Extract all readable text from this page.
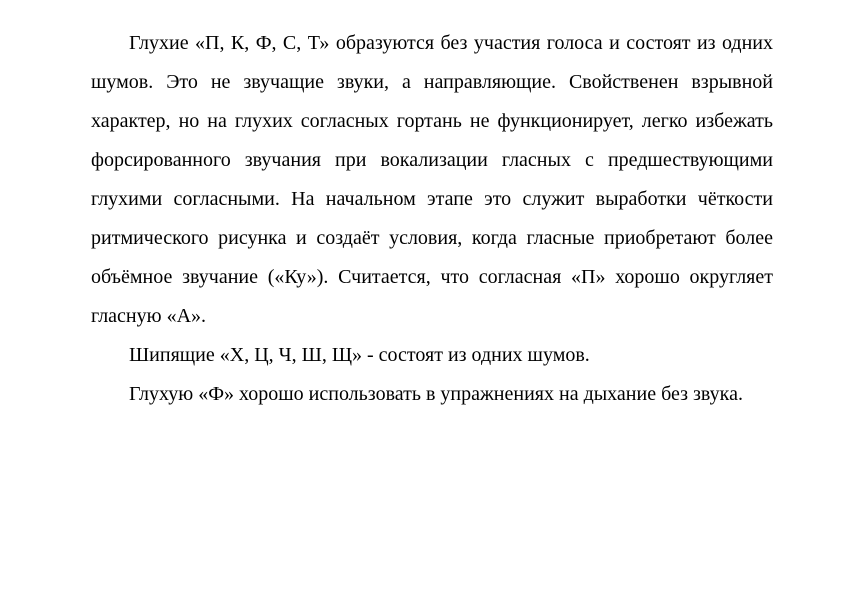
Глухие «П, К, Ф, С, Т» образуются без участия голоса и состоят из одних шумов. Это не звучащие звуки, а направляющие. Свойственен взрывной характер, но на глухих согласных гортань не функционирует, легко избежать форсированного звучания при вокализации гласных с предшествующими глухими согласными. На начальном этапе это служит выработки чёткости ритмического рисунка и создаёт условия, когда гласные приобретают более объёмное звучание («Ку»). Считается, что согласная «П» хорошо округляет гласную «А».

Шипящие «Х, Ц, Ч, Ш, Щ» - состоят из одних шумов.

Глухую «Ф» хорошо использовать в упражнениях на дыхание без звука.
